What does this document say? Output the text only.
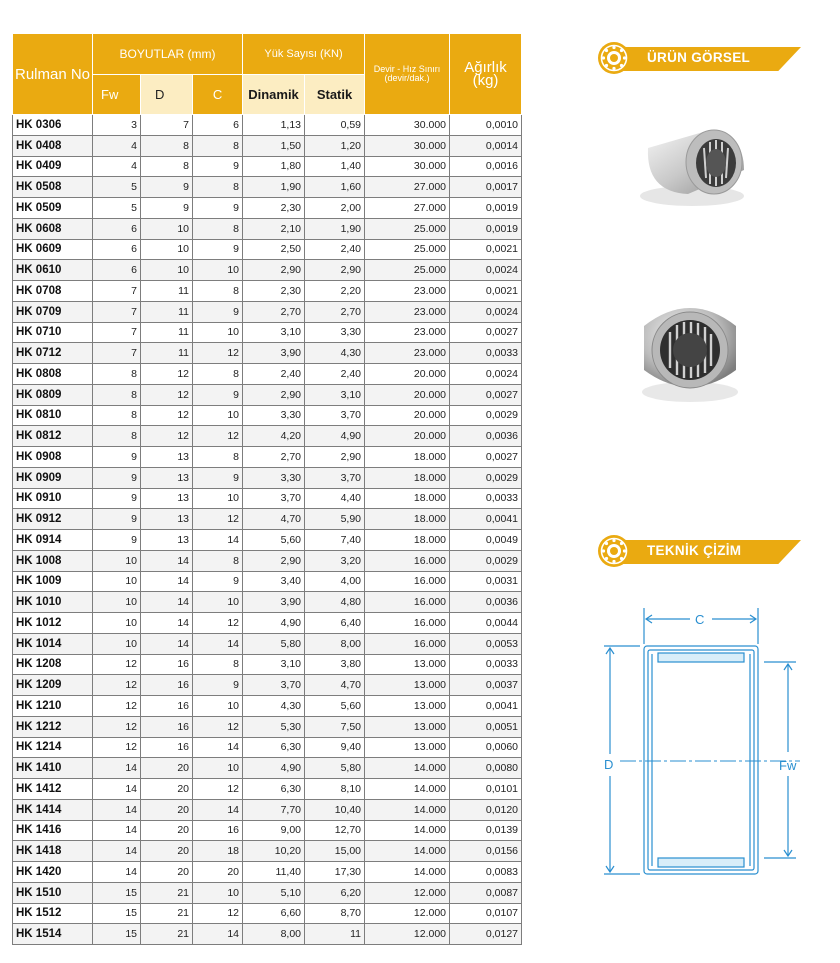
Rulman No	BOYUTLAR (mm)			Yük Sayısı (KN)		Devir - Hız Sınırı (devir/dak.)	Ağırlık (kg)
	Fw	D	C	Dinamik	Statik		
HK 0306	3	7	6	1,13	0,59	30.000	0,0010
HK 0408	4	8	8	1,50	1,20	30.000	0,0014
HK 0409	4	8	9	1,80	1,40	30.000	0,0016
HK 0508	5	9	8	1,90	1,60	27.000	0,0017
HK 0509	5	9	9	2,30	2,00	27.000	0,0019
HK 0608	6	10	8	2,10	1,90	25.000	0,0019
HK 0609	6	10	9	2,50	2,40	25.000	0,0021
HK 0610	6	10	10	2,90	2,90	25.000	0,0024
HK 0708	7	11	8	2,30	2,20	23.000	0,0021
HK 0709	7	11	9	2,70	2,70	23.000	0,0024
HK 0710	7	11	10	3,10	3,30	23.000	0,0027
HK 0712	7	11	12	3,90	4,30	23.000	0,0033
HK 0808	8	12	8	2,40	2,40	20.000	0,0024
HK 0809	8	12	9	2,90	3,10	20.000	0,0027
HK 0810	8	12	10	3,30	3,70	20.000	0,0029
HK 0812	8	12	12	4,20	4,90	20.000	0,0036
HK 0908	9	13	8	2,70	2,90	18.000	0,0027
HK 0909	9	13	9	3,30	3,70	18.000	0,0029
HK 0910	9	13	10	3,70	4,40	18.000	0,0033
HK 0912	9	13	12	4,70	5,90	18.000	0,0041
HK 0914	9	13	14	5,60	7,40	18.000	0,0049
HK 1008	10	14	8	2,90	3,20	16.000	0,0029
HK 1009	10	14	9	3,40	4,00	16.000	0,0031
HK 1010	10	14	10	3,90	4,80	16.000	0,0036
HK 1012	10	14	12	4,90	6,40	16.000	0,0044
HK 1014	10	14	14	5,80	8,00	16.000	0,0053
HK 1208	12	16	8	3,10	3,80	13.000	0,0033
HK 1209	12	16	9	3,70	4,70	13.000	0,0037
HK 1210	12	16	10	4,30	5,60	13.000	0,0041
HK 1212	12	16	12	5,30	7,50	13.000	0,0051
HK 1214	12	16	14	6,30	9,40	13.000	0,0060
HK 1410	14	20	10	4,90	5,80	14.000	0,0080
HK 1412	14	20	12	6,30	8,10	14.000	0,0101
HK 1414	14	20	14	7,70	10,40	14.000	0,0120
HK 1416	14	20	16	9,00	12,70	14.000	0,0139
HK 1418	14	20	18	10,20	15,00	14.000	0,0156
HK 1420	14	20	20	11,40	17,30	14.000	0,0083
HK 1510	15	21	10	5,10	6,20	12.000	0,0087
HK 1512	15	21	12	6,60	8,70	12.000	0,0107
HK 1514	15	21	14	8,00	11	12.000	0,0127
ÜRÜN GÖRSEL
TEKNİK ÇİZİM
C
D	Fw
